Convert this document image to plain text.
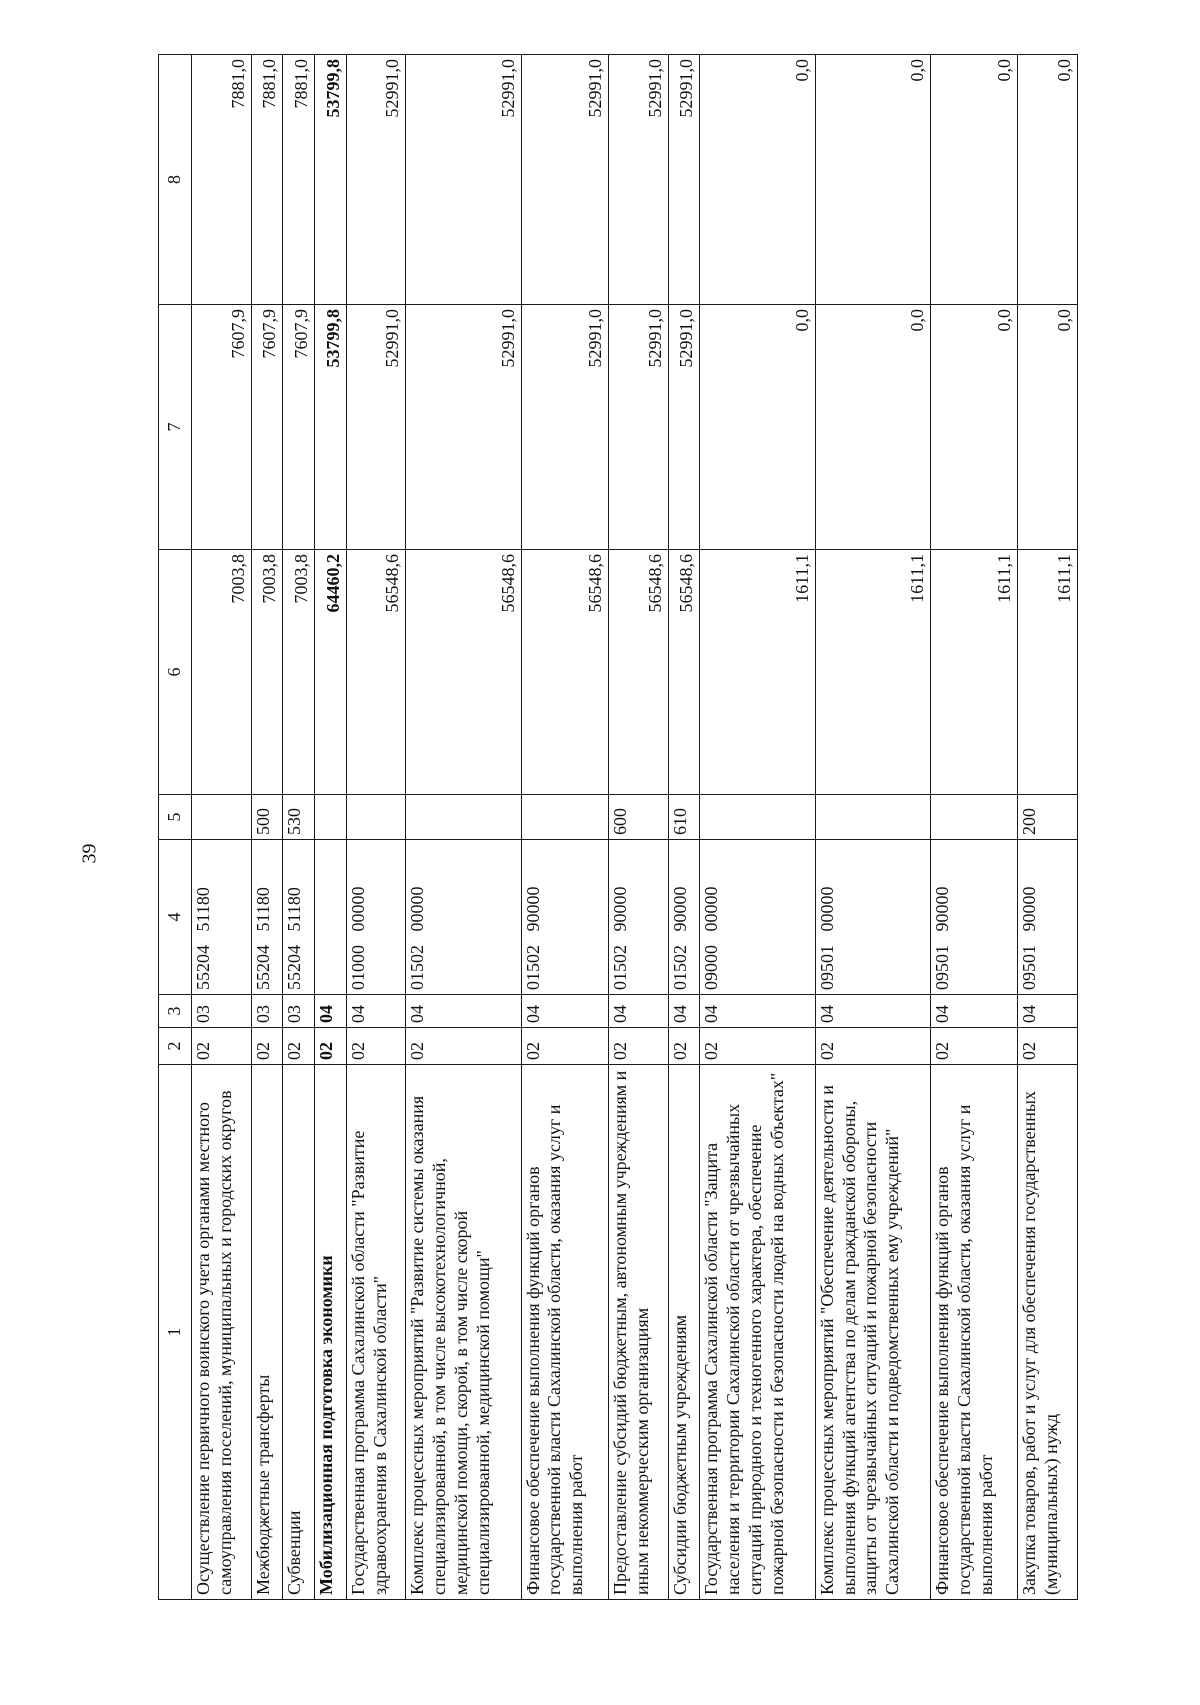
39
1	2	3	4	5	6	7	8
Осуществление первичного воинского учета органами местного самоуправления поселений, муниципальных и городских округов	02	03	55204   51180		7003,8	7607,9	7881,0
Межбюджетные трансферты	02	03	55204   51180	500	7003,8	7607,9	7881,0
Субвенции	02	03	55204   51180	530	7003,8	7607,9	7881,0
Мобилизационная подготовка экономики	02	04			64460,2	53799,8	53799,8
Государственная программа Сахалинской области "Развитие здравоохранения в Сахалинской области"	02	04	01000   00000		56548,6	52991,0	52991,0
Комплекс процессных мероприятий "Развитие системы оказания специализированной, в том числе высокотехнологичной, медицинской помощи, скорой, в том числе скорой специализированной, медицинской помощи"	02	04	01502   00000		56548,6	52991,0	52991,0
Финансовое обеспечение выполнения функций органов государственной власти Сахалинской области, оказания услуг и выполнения работ	02	04	01502   90000		56548,6	52991,0	52991,0
Предоставление субсидий бюджетным, автономным учреждениям и иным некоммерческим организациям	02	04	01502   90000	600	56548,6	52991,0	52991,0
Субсидии бюджетным учреждениям	02	04	01502   90000	610	56548,6	52991,0	52991,0
Государственная программа Сахалинской области "Защита населения и территории Сахалинской области от чрезвычайных ситуаций природного и техногенного характера, обеспечение пожарной безопасности и безопасности людей на водных объектах"	02	04	09000   00000		1611,1	0,0	0,0
Комплекс процессных мероприятий "Обеспечение деятельности и выполнения функций агентства по делам гражданской обороны, защиты от чрезвычайных ситуаций и пожарной безопасности Сахалинской области и подведомственных ему учреждений"	02	04	09501   00000		1611,1	0,0	0,0
Финансовое обеспечение выполнения функций органов государственной власти Сахалинской области, оказания услуг и выполнения работ	02	04	09501   90000		1611,1	0,0	0,0
Закупка товаров, работ и услуг для обеспечения государственных (муниципальных) нужд	02	04	09501   90000	200	1611,1	0,0	0,0
